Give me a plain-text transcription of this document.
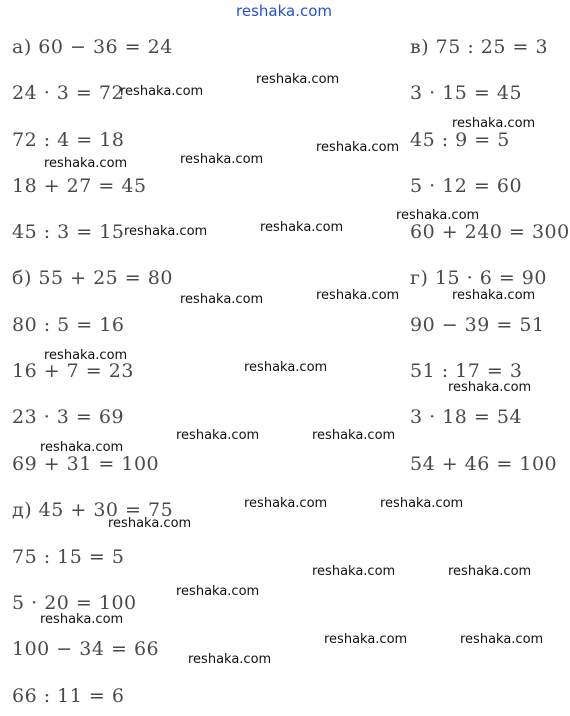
reshaka.com
а) 60 − 36 = 24
24 · 3 = 72
72 : 4 = 18
18 + 27 = 45
45 : 3 = 15
б) 55 + 25 = 80
80 : 5 = 16
16 + 7 = 23
23 · 3 = 69
69 + 31 = 100
д) 45 + 30 = 75
75 : 15 = 5
5 · 20 = 100
100 − 34 = 66
66 : 11 = 6
в) 75 : 25 = 3
3 · 15 = 45
45 : 9 = 5
5 · 12 = 60
60 + 240 = 300
г) 15 · 6 = 90
90 − 39 = 51
51 : 17 = 3
3 · 18 = 54
54 + 46 = 100
reshaka.com
reshaka.com
reshaka.com
reshaka.com
reshaka.com
reshaka.com
reshaka.com
reshaka.com
reshaka.com
reshaka.com	reshaka.com
reshaka.com
reshaka.com
reshaka.com
reshaka.com
reshaka.com	reshaka.com
reshaka.com
reshaka.com	reshaka.com
reshaka.com
reshaka.com	reshaka.com
reshaka.com
reshaka.com
reshaka.com	reshaka.com
reshaka.com
